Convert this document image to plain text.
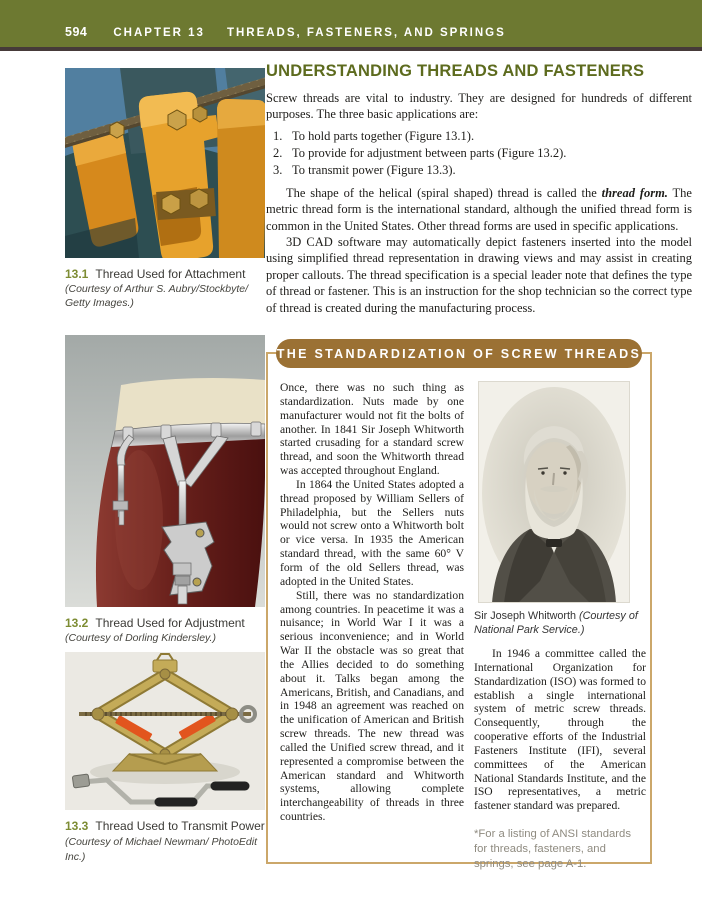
594 CHAPTER 13 THREADS, FASTENERS, AND SPRINGS
13.1 Thread Used for Attachment
(Courtesy of Arthur S. Aubry/Stockbyte/ Getty Images.)
13.2 Thread Used for Adjustment
(Courtesy of Dorling Kindersley.)
13.3 Thread Used to Transmit Power (Courtesy of Michael Newman/ PhotoEdit Inc.)
UNDERSTANDING THREADS AND FASTENERS

Screw threads are vital to industry. They are designed for hundreds of different purposes. The three basic applications are:

1. To hold parts together (Figure 13.1).
2. To provide for adjustment between parts (Figure 13.2).
3. To transmit power (Figure 13.3).

The shape of the helical (spiral shaped) thread is called the thread form. The metric thread form is the international standard, although the unified thread form is common in the United States. Other thread forms are used in specific applications.

3D CAD software may automatically depict fasteners inserted into the model using simplified thread representation in drawing views and may assist in creating proper callouts. The thread specification is a special leader note that defines the type of thread or fastener. This is an instruction for the shop technician so the correct type of thread is created during the manufacturing process.

THE STANDARDIZATION OF SCREW THREADS

Once, there was no such thing as standardization. Nuts made by one manufacturer would not fit the bolts of another. In 1841 Sir Joseph Whitworth started crusading for a standard screw thread, and soon the Whitworth thread was accepted throughout England.

In 1864 the United States adopted a thread proposed by William Sellers of Philadelphia, but the Sellers nuts would not screw onto a Whitworth bolt or vice versa. In 1935 the American standard thread, with the same 60° V form of the old Sellers thread, was adopted in the United States.

Still, there was no standardization among countries. In peacetime it was a nuisance; in World War I it was a serious inconvenience; and in World War II the obstacle was so great that the Allies decided to do something about it. Talks began among the Americans, British, and Canadians, and in 1948 an agreement was reached on the unification of American and British screw threads. The new thread was called the Unified screw thread, and it represented a compromise between the American standard and Whitworth systems, allowing complete interchangeability of threads in three countries.

Sir Joseph Whitworth (Courtesy of National Park Service.)

In 1946 a committee called the International Organization for Standardization (ISO) was formed to establish a single international system of metric screw threads. Consequently, through the cooperative efforts of the Industrial Fasteners Institute (IFI), several committees of the American National Standards Institute, and the ISO representatives, a metric fastener standard was prepared.

*For a listing of ANSI standards for threads, fasteners, and springs, see page A-1.
